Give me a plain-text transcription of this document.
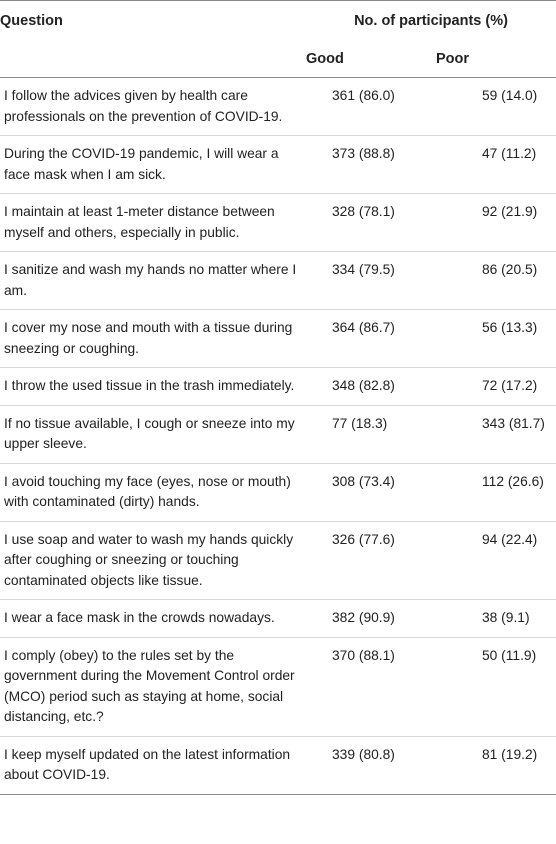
Question	No. of participants (%)	
	Good	Poor
I follow the advices given by health care professionals on the prevention of COVID-19.	361 (86.0)	59 (14.0)
During the COVID-19 pandemic, I will wear a face mask when I am sick.	373 (88.8)	47 (11.2)
I maintain at least 1-meter distance between myself and others, especially in public.	328 (78.1)	92 (21.9)
I sanitize and wash my hands no matter where I am.	334 (79.5)	86 (20.5)
I cover my nose and mouth with a tissue during sneezing or coughing.	364 (86.7)	56 (13.3)
I throw the used tissue in the trash immediately.	348 (82.8)	72 (17.2)
If no tissue available, I cough or sneeze into my upper sleeve.	77 (18.3)	343 (81.7)
I avoid touching my face (eyes, nose or mouth) with contaminated (dirty) hands.	308 (73.4)	112 (26.6)
I use soap and water to wash my hands quickly after coughing or sneezing or touching contaminated objects like tissue.	326 (77.6)	94 (22.4)
I wear a face mask in the crowds nowadays.	382 (90.9)	38 (9.1)
I comply (obey) to the rules set by the government during the Movement Control order (MCO) period such as staying at home, social distancing, etc.?	370 (88.1)	50 (11.9)
I keep myself updated on the latest information about COVID-19.	339 (80.8)	81 (19.2)
